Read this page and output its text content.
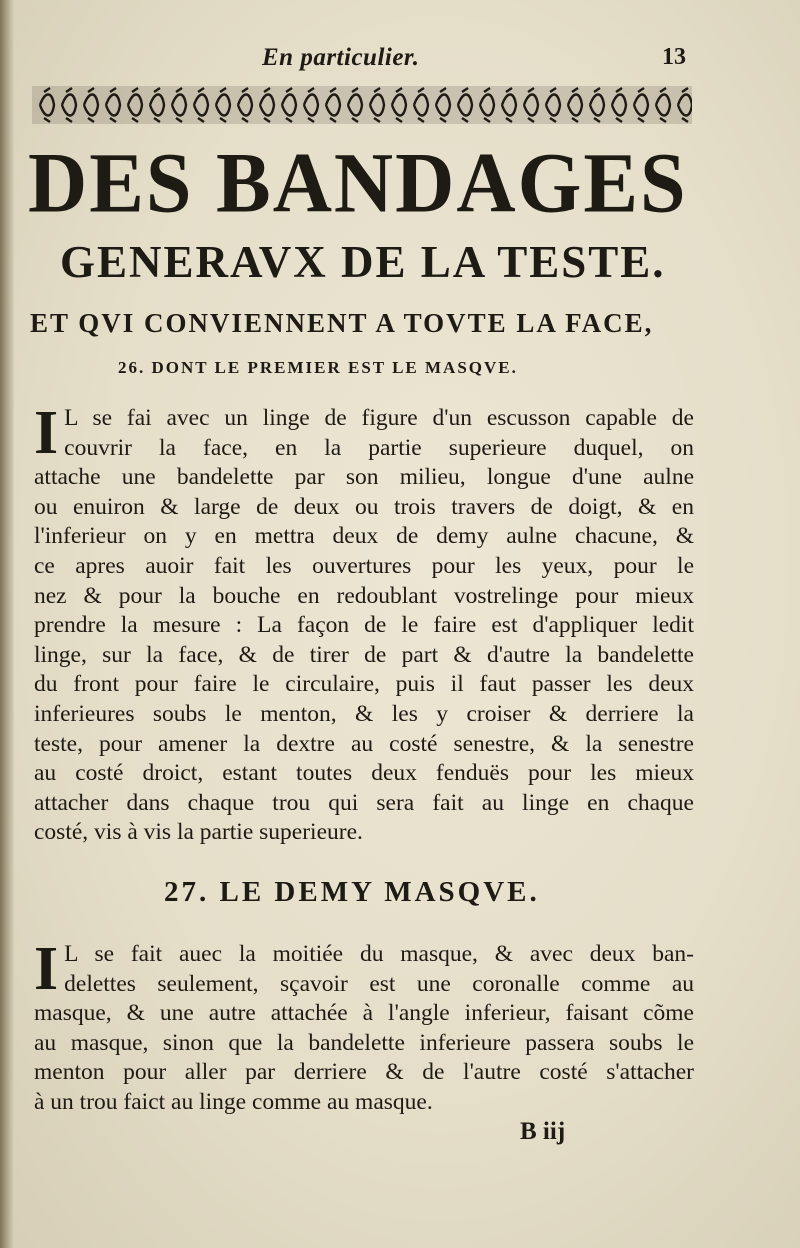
En particulier.	13
DES BANDAGES
GENERAVX DE LA TESTE.
ET QVI CONVIENNENT A TOVTE LA FACE,
26. DONT LE PREMIER EST LE MASQVE.
I L se fai avec un linge de figure d'un escusson capable de
couvrir la face, en la partie superieure duquel, on
attache une bandelette par son milieu, longue d'une aulne
ou enuiron & large de deux ou trois travers de doigt, & en
l'inferieur on y en mettra deux de demy aulne chacune, &
ce apres auoir fait les ouvertures pour les yeux, pour le
nez & pour la bouche en redoublant vostrelinge pour mieux
prendre la mesure : La façon de le faire est d'appliquer ledit
linge, sur la face, & de tirer de part & d'autre la bandelette
du front pour faire le circulaire, puis il faut passer les deux
inferieures soubs le menton, & les y croiser & derriere la
teste, pour amener la dextre au costé senestre, & la senestre
au costé droict, estant toutes deux fenduës pour les mieux
attacher dans chaque trou qui sera fait au linge en chaque
costé, vis à vis la partie superieure.
27. LE DEMY MASQVE.
I L se fait auec la moitiée du masque, & avec deux ban-
delettes seulement, sçavoir est une coronalle comme au
masque, & une autre attachée à l'angle inferieur, faisant cõme
au masque, sinon que la bandelette inferieure passera soubs le
menton pour aller par derriere & de l'autre costé s'attacher
à un trou faict au linge comme au masque.
B iij
